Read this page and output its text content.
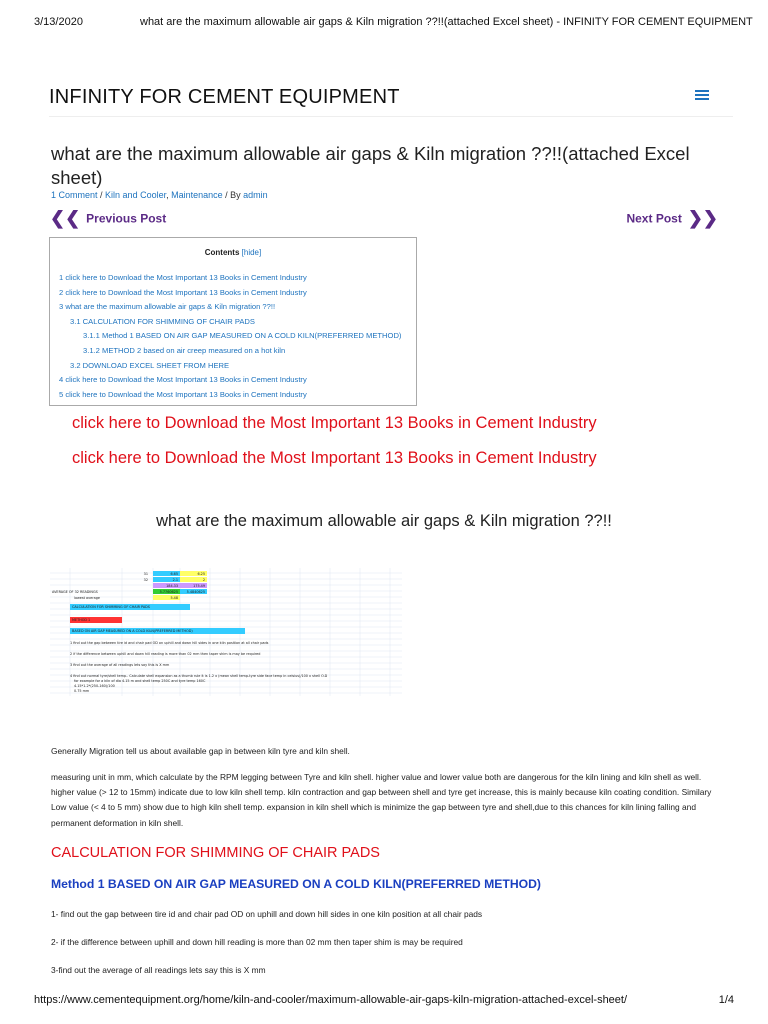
3/13/2020	what are the maximum allowable air gaps & Kiln migration ??!!(attached Excel sheet) - INFINITY FOR CEMENT EQUIPMENT
INFINITY FOR CEMENT EQUIPMENT
what are the maximum allowable air gaps & Kiln migration ??!!(attached Excel sheet)
1 Comment / Kiln and Cooler, Maintenance / By admin
❮❮ Previous Post	Next Post ❯❯
Contents [hide]
1 click here to Download the Most Important 13 Books in Cement Industry
2 click here to Download the Most Important 13 Books in Cement Industry
3 what are the maximum allowable air gaps & Kiln migration ??!!
3.1 CALCULATION FOR SHIMMING OF CHAIR PADS
3.1.1 Method 1 BASED ON AIR GAP MEASURED ON A COLD KILN(PREFERRED METHOD)
3.1.2 METHOD 2 based on air creep measured on a hot kiln
3.2 DOWNLOAD EXCEL SHEET FROM HERE
4 click here to Download the Most Important 13 Books in Cement Industry
5 click here to Download the Most Important 13 Books in Cement Industry
click here to Download the Most Important 13 Books in Cement Industry
click here to Download the Most Important 13 Books in Cement Industry
what are the maximum allowable air gaps & Kiln migration ??!!
31	6.65	6.25
32	2.1	2
184.33	175.49
AVERAGE OF 32 READINGS	5.7760625	5.4840625
lowest average	5.48
CALCULATION FOR SHIMMING OF CHAIR PADS
METHOD 1
BASED ON AIR GAP MEASURED ON A COLD KILN(PREFERRED METHOD)
1 find out the gap between tire id and chair pad OD on uphill and down hill sides in one kiln position at all chair pads
2 if the difference between uphill and down hill reading is more than 02 mm then taper shim is may be required
3 find out the average of all readings lets say this is X mm
4 find out normal tyre/shell temp.. Calculate shell expansion as a thumb rule it is 1.2 x (mean shell temp-tyre side face temp in celsius)/100 x shell O.D
for example for a kiln of dia 4.15 m and shell temp 250C and tyre temp 160C
4.15*1.2*(250-160)/100
0.75 mm
Generally Migration tell us about available gap in between kiln tyre and kiln shell.
measuring unit in mm, which calculate by the RPM legging between Tyre and kiln shell. higher value and lower value both are dangerous for the kiln lining and kiln shell as well. higher value (> 12 to 15mm) indicate due to low kiln shell temp. kiln contraction and gap between shell and tyre get increase, this is mainly because kiln coating condition. Similary Low value (< 4 to 5 mm) show due to high kiln shell temp. expansion in kiln shell which is minimize the gap between tyre and shell,due to this chances for kiln lining falling and permanent deformation in kiln shell.
CALCULATION FOR SHIMMING OF CHAIR PADS
Method 1 BASED ON AIR GAP MEASURED ON A COLD KILN(PREFERRED METHOD)
1- find out the gap between tire id and chair pad OD on uphill and down hill sides in one kiln position at all chair pads
2- if the difference between uphill and down hill reading is more than 02 mm then taper shim is may be required
3-find out the average of all readings lets say this is X mm
https://www.cementequipment.org/home/kiln-and-cooler/maximum-allowable-air-gaps-kiln-migration-attached-excel-sheet/	1/4
